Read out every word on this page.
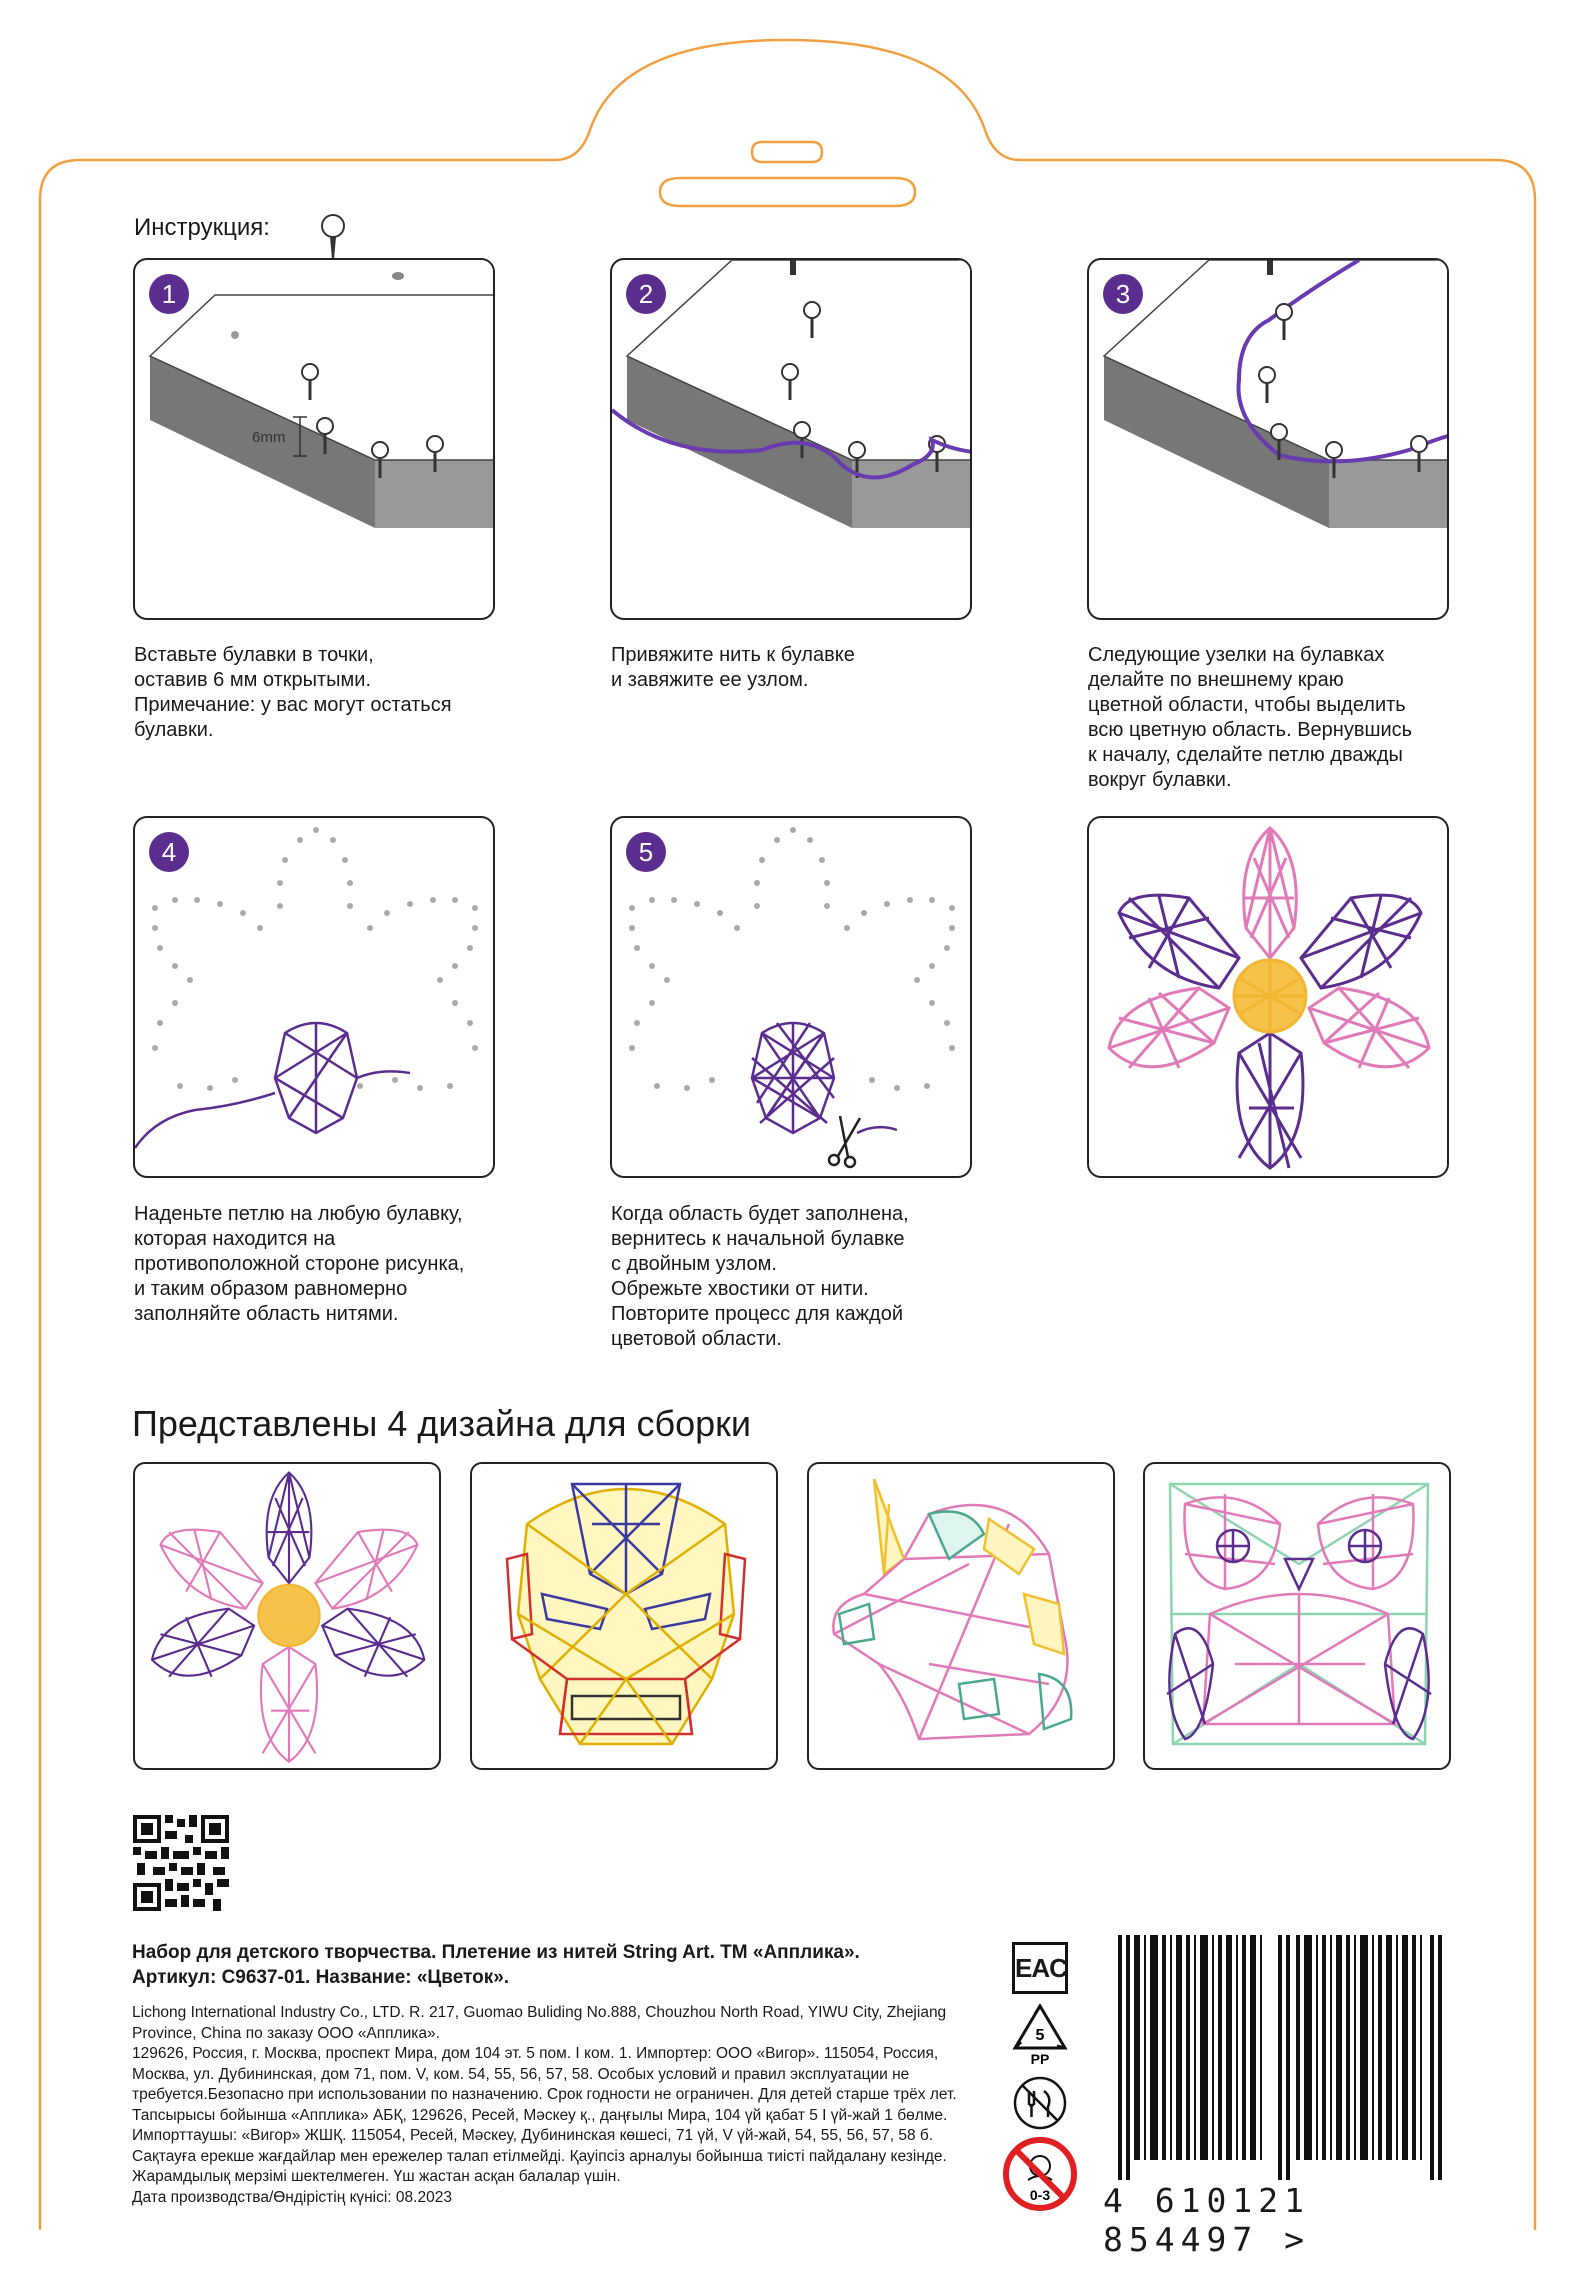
Инструкция:
1
6mm
2	3
Вставьте булавки в точки,
оставив 6 мм открытыми.
Примечание: у вас могут остаться
булавки.
Привяжите нить к булавке
и завяжите ее узлом.
Следующие узелки на булавках
делайте по внешнему краю
цветной области, чтобы выделить
всю цветную область. Вернувшись
к началу, сделайте петлю дважды
вокруг булавки.
4	5
Наденьте петлю на любую булавку,
которая находится на
противоположной стороне рисунка,
и таким образом равномерно
заполняйте область нитями.
Когда область будет заполнена,
вернитесь к начальной булавке
с двойным узлом.
Обрежьте хвостики от нити.
Повторите процесс для каждой
цветовой области.
Представлены 4 дизайна для сборки
Набор для детского творчества. Плетение из нитей String Art. ТМ «Апплика».
Артикул: С9637-01. Название: «Цветок».
Lichong International Industry Co., LTD. R. 217, Guomao Buliding No.888, Chouzhou North Road, YIWU City, Zhejiang Province, China по заказу ООО «Апплика».
129626, Россия, г. Москва, проспект Мира, дом 104 эт. 5 пом. I ком. 1. Импортер: ООО «Вигор». 115054, Россия, Москва, ул. Дубининская, дом 71, пом. V, ком. 54, 55, 56, 57, 58. Особых условий и правил эксплуатации не требуется.Безопасно при использовании по назначению. Срок годности не ограничен. Для детей старше трёх лет.
Тапсырысы бойынша «Апплика» АБҚ, 129626, Ресей, Мәскеу қ., даңғылы Мира, 104 үй қабат 5 I үй-жай 1 бөлме.
Импорттаушы: «Вигор» ЖШҚ. 115054, Ресей, Мәскеу, Дубининская көшесі, 71 үй, V үй-жай, 54, 55, 56, 57, 58 б.
Сақтауға ерекше жағдайлар мен ережелер талап етілмейді. Қауіпсіз арналуы бойынша тиісті пайдалану кезінде.
Жарамдылық мерзімі шектелмеген. Үш жастан асқан балалар үшін.
Дата производства/Өндірістің күнісі: 08.2023
EAC
5
PP
0-3 4 610121 854497 >
